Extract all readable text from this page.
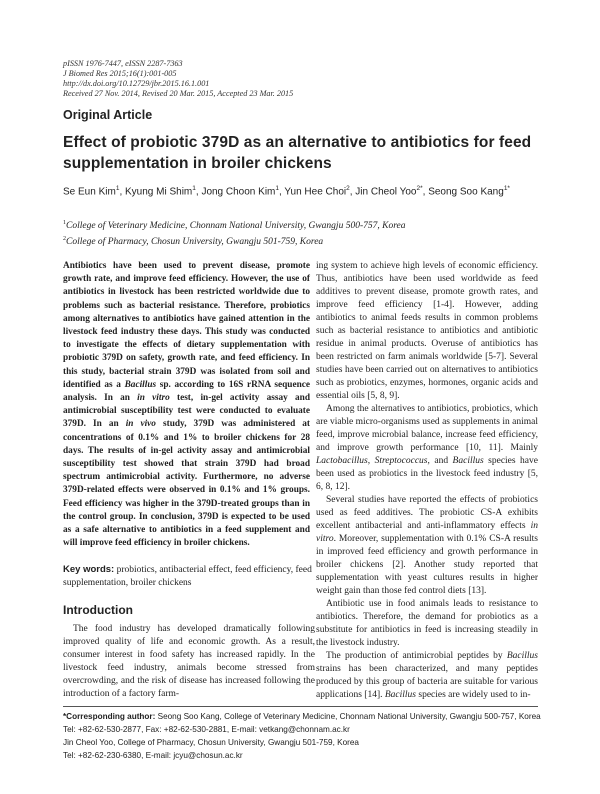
pISSN 1976-7447, eISSN 2287-7363
J Biomed Res 2015;16(1):001-005
http://dx.doi.org/10.12729/jbr.2015.16.1.001
Received 27 Nov. 2014, Revised 20 Mar. 2015, Accepted 23 Mar. 2015
Original Article
Effect of probiotic 379D as an alternative to antibiotics for feed supplementation in broiler chickens
Se Eun Kim$^1$, Kyung Mi Shim$^1$, Jong Choon Kim$^1$, Yun Hee Choi$^2$, Jin Cheol Yoo$^{2*}$, Seong Soo Kang$^{1*}$
$^1$College of Veterinary Medicine, Chonnam National University, Gwangju 500-757, Korea
$^2$College of Pharmacy, Chosun University, Gwangju 501-759, Korea

Antibiotics have been used to prevent disease, promote growth rate, and improve feed efficiency. However, the use of antibiotics in livestock has been restricted worldwide due to problems such as bacterial resistance. Therefore, probiotics among alternatives to antibiotics have gained attention in the livestock feed industry these days. This study was conducted to investigate the effects of dietary supplementation with probiotic 379D on safety, growth rate, and feed efficiency. In this study, bacterial strain 379D was isolated from soil and identified as a Bacillus sp. according to 16S rRNA sequence analysis. In an in vitro test, in-gel activity assay and antimicrobial susceptibility test were conducted to evaluate 379D. In an in vivo study, 379D was administered at concentrations of 0.1% and 1% to broiler chickens for 28 days. The results of in-gel activity assay and antimicrobial susceptibility test showed that strain 379D had broad spectrum antimicrobial activity. Furthermore, no adverse 379D-related effects were observed in 0.1% and 1% groups. Feed efficiency was higher in the 379D-treated groups than in the control group. In conclusion, 379D is expected to be used as a safe alternative to antibiotics in a feed supplement and will improve feed efficiency in broiler chickens.

Key words: probiotics, antibacterial effect, feed efficiency, feed supplementation, broiler chickens
Introduction

The food industry has developed dramatically following improved quality of life and economic growth. As a result, consumer interest in food safety has increased rapidly. In the livestock feed industry, animals become stressed from overcrowding, and the risk of disease has increased following the introduction of a factory farm-

ing system to achieve high levels of economic efficiency. Thus, antibiotics have been used worldwide as feed additives to prevent disease, promote growth rates, and improve feed efficiency [1-4]. However, adding antibiotics to animal feeds results in common problems such as bacterial resistance to antibiotics and antibiotic residue in animal products. Overuse of antibiotics has been restricted on farm animals worldwide [5-7]. Several studies have been carried out on alternatives to antibiotics such as probiotics, enzymes, hormones, organic acids and essential oils [5, 8, 9].

Among the alternatives to antibiotics, probiotics, which are viable micro-organisms used as supplements in animal feed, improve microbial balance, increase feed efficiency, and improve growth performance [10, 11]. Mainly Lactobacillus, Streptococcus, and Bacillus species have been used as probiotics in the livestock feed industry [5, 6, 8, 12].

Several studies have reported the effects of probiotics used as feed additives. The probiotic CS-A exhibits excellent antibacterial and anti-inflammatory effects in vitro. Moreover, supplementation with 0.1% CS-A results in improved feed efficiency and growth performance in broiler chickens [2]. Another study reported that supplementation with yeast cultures results in higher weight gain than those fed control diets [13].

Antibiotic use in food animals leads to resistance to antibiotics. Therefore, the demand for probiotics as a substitute for antibiotics in feed is increasing steadily in the livestock industry.

The production of antimicrobial peptides by Bacillus strains has been characterized, and many peptides produced by this group of bacteria are suitable for various applications [14]. Bacillus species are widely used to in-

*Corresponding author: Seong Soo Kang, College of Veterinary Medicine, Chonnam National University, Gwangju 500-757, Korea
Tel: +82-62-530-2877, Fax: +82-62-530-2881, E-mail: vetkang@chonnam.ac.kr
Jin Cheol Yoo, College of Pharmacy, Chosun University, Gwangju 501-759, Korea
Tel: +82-62-230-6380, E-mail: jcyu@chosun.ac.kr
